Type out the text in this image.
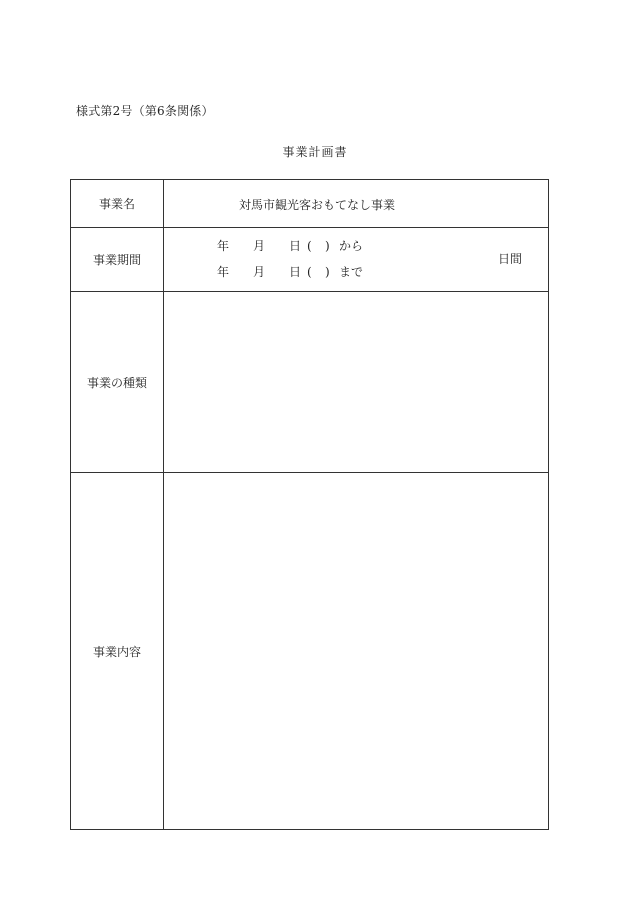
様式第2号（第6条関係）
事業計画書
事業名	対馬市観光客おもてなし事業
事業期間
年 月 日 ( ) から
年 月 日 ( ) まで
日間
事業の種類
事業内容
